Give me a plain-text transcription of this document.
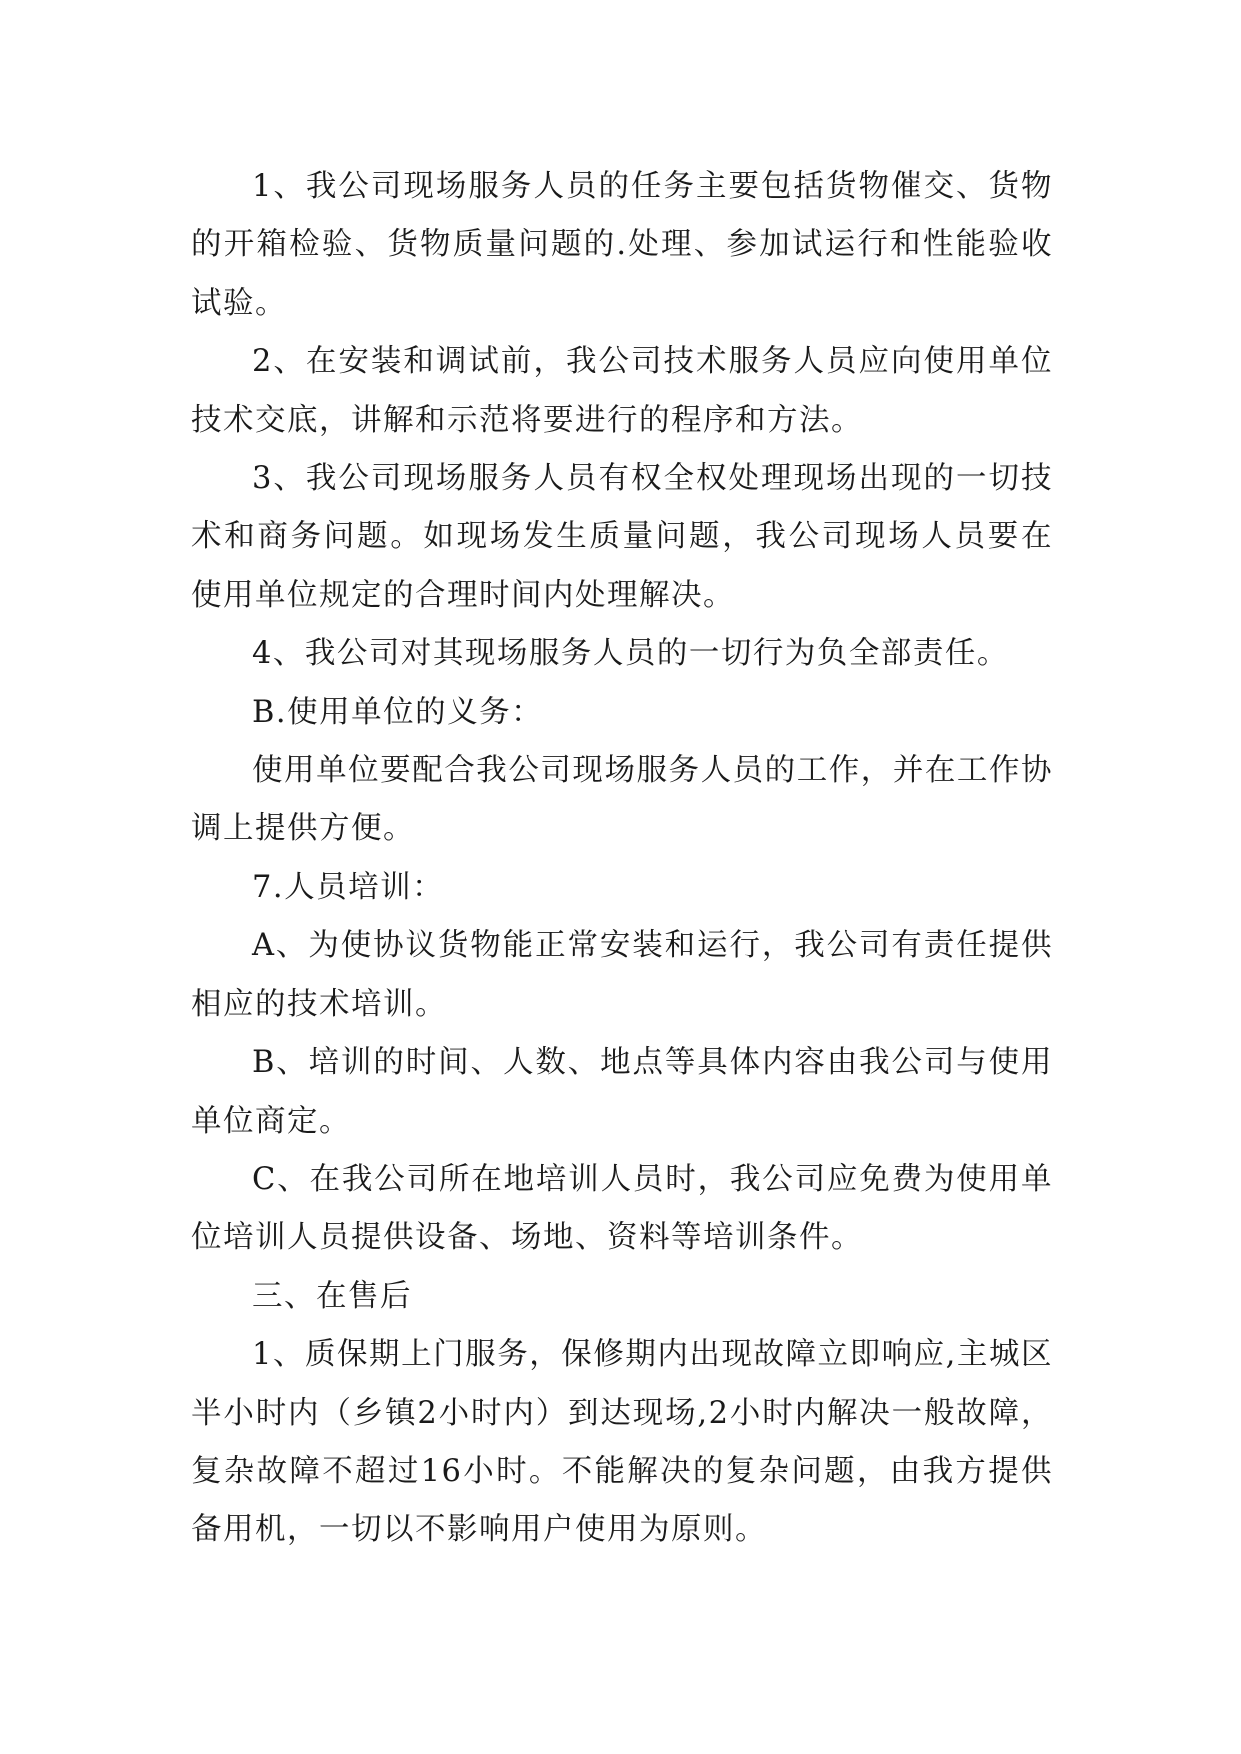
1、我公司现场服务人员的任务主要包括货物催交、货物的开箱检验、货物质量问题的.处理、参加试运行和性能验收试验。

2、在安装和调试前，我公司技术服务人员应向使用单位技术交底，讲解和示范将要进行的程序和方法。

3、我公司现场服务人员有权全权处理现场出现的一切技术和商务问题。如现场发生质量问题，我公司现场人员要在使用单位规定的合理时间内处理解决。

4、我公司对其现场服务人员的一切行为负全部责任。

B.使用单位的义务：

使用单位要配合我公司现场服务人员的工作，并在工作协调上提供方便。

7.人员培训：

A、为使协议货物能正常安装和运行，我公司有责任提供相应的技术培训。

B、培训的时间、人数、地点等具体内容由我公司与使用单位商定。

C、在我公司所在地培训人员时，我公司应免费为使用单位培训人员提供设备、场地、资料等培训条件。

三、在售后

1、质保期上门服务，保修期内出现故障立即响应,主城区半小时内（乡镇2小时内）到达现场,2小时内解决一般故障，复杂故障不超过16小时。不能解决的复杂问题，由我方提供备用机，一切以不影响用户使用为原则。
